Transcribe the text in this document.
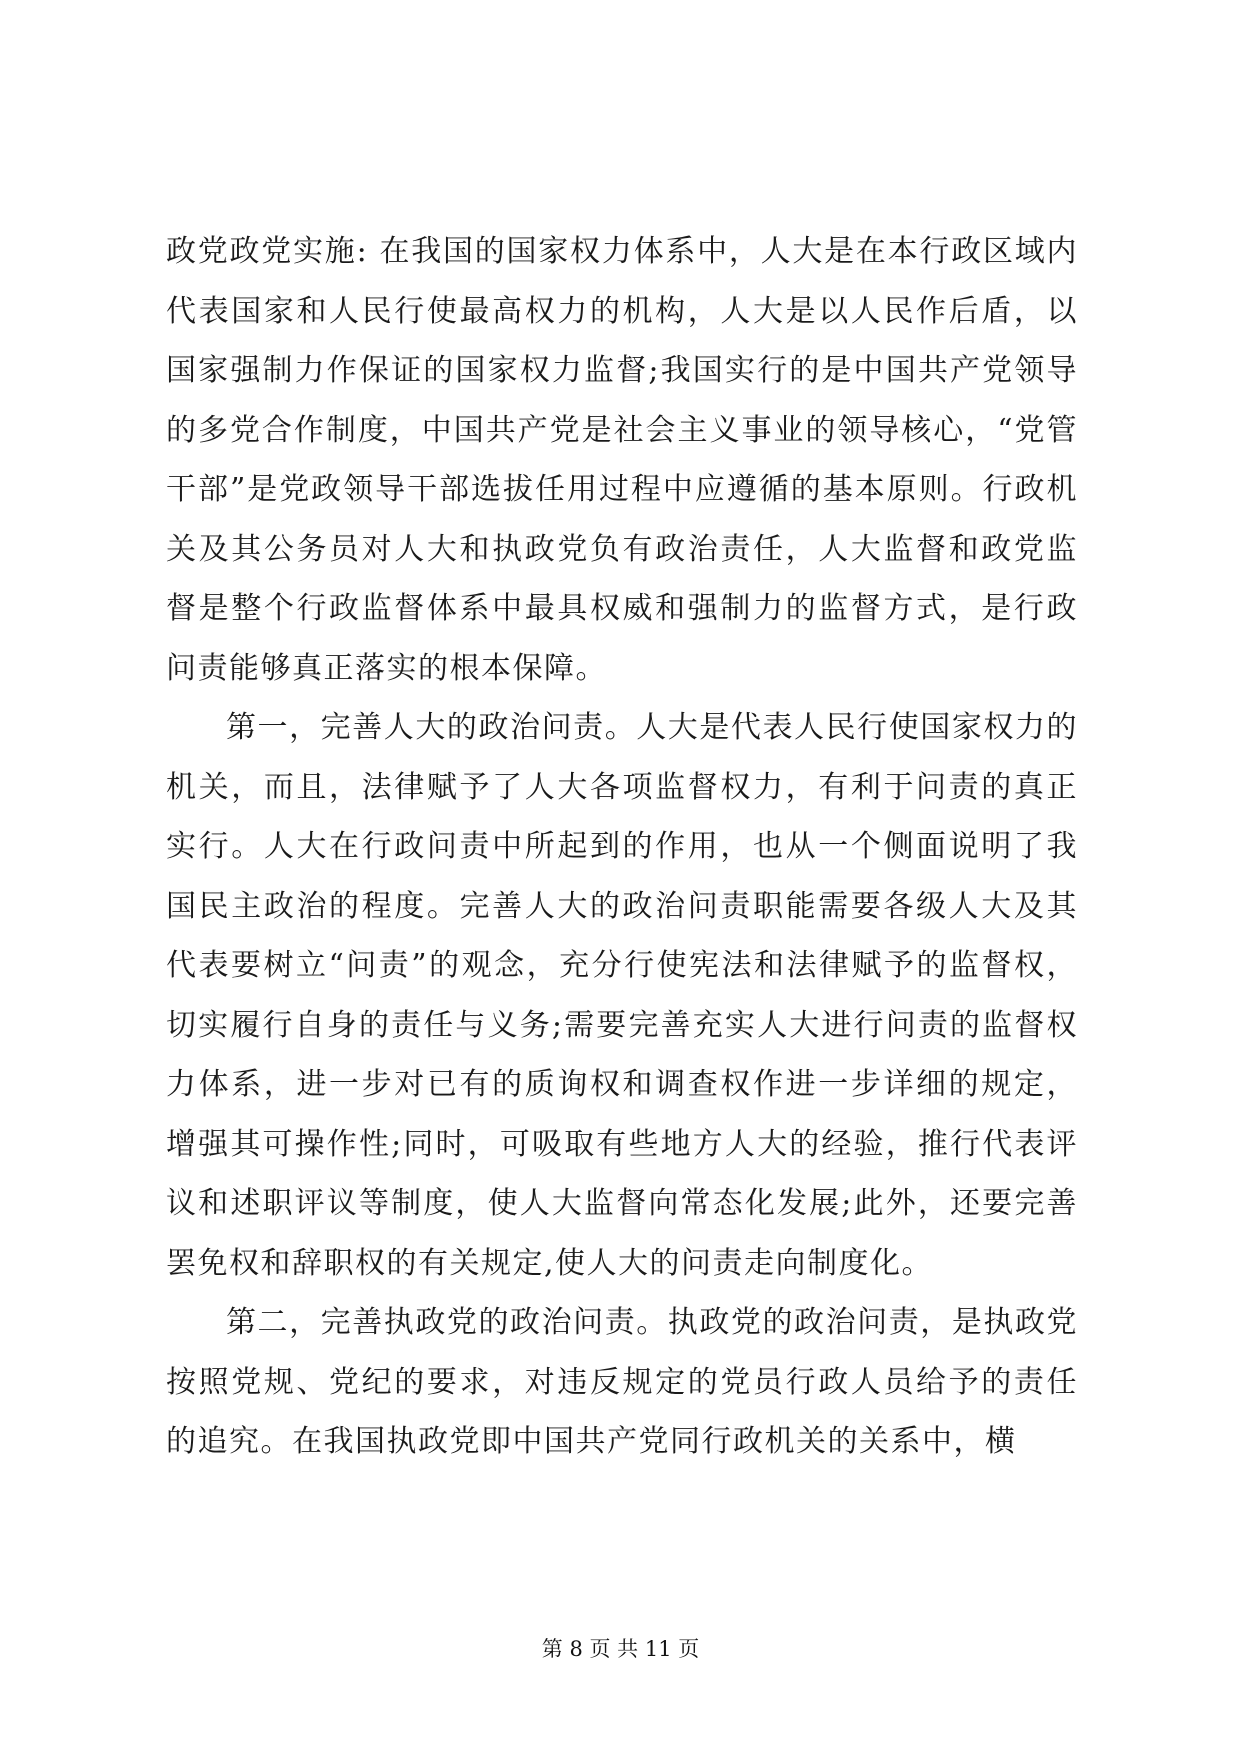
政党政党实施: 在我国的国家权力体系中，人大是在本行政区域内代表国家和人民行使最高权力的机构，人大是以人民作后盾，以国家强制力作保证的国家权力监督;我国实行的是中国共产党领导的多党合作制度，中国共产党是社会主义事业的领导核心，“党管干部”是党政领导干部选拔任用过程中应遵循的基本原则。行政机关及其公务员对人大和执政党负有政治责任，人大监督和政党监督是整个行政监督体系中最具权威和强制力的监督方式，是行政问责能够真正落实的根本保障。

第一，完善人大的政治问责。人大是代表人民行使国家权力的机关，而且，法律赋予了人大各项监督权力，有利于问责的真正实行。人大在行政问责中所起到的作用，也从一个侧面说明了我国民主政治的程度。完善人大的政治问责职能需要各级人大及其代表要树立“问责”的观念，充分行使宪法和法律赋予的监督权，切实履行自身的责任与义务;需要完善充实人大进行问责的监督权力体系，进一步对已有的质询权和调查权作进一步详细的规定，增强其可操作性;同时，可吸取有些地方人大的经验，推行代表评议和述职评议等制度，使人大监督向常态化发展;此外，还要完善罢免权和辞职权的有关规定,使人大的问责走向制度化。

第二，完善执政党的政治问责。执政党的政治问责，是执政党按照党规、党纪的要求，对违反规定的党员行政人员给予的责任的追究。在我国执政党即中国共产党同行政机关的关系中，横

第 8 页 共 11 页
